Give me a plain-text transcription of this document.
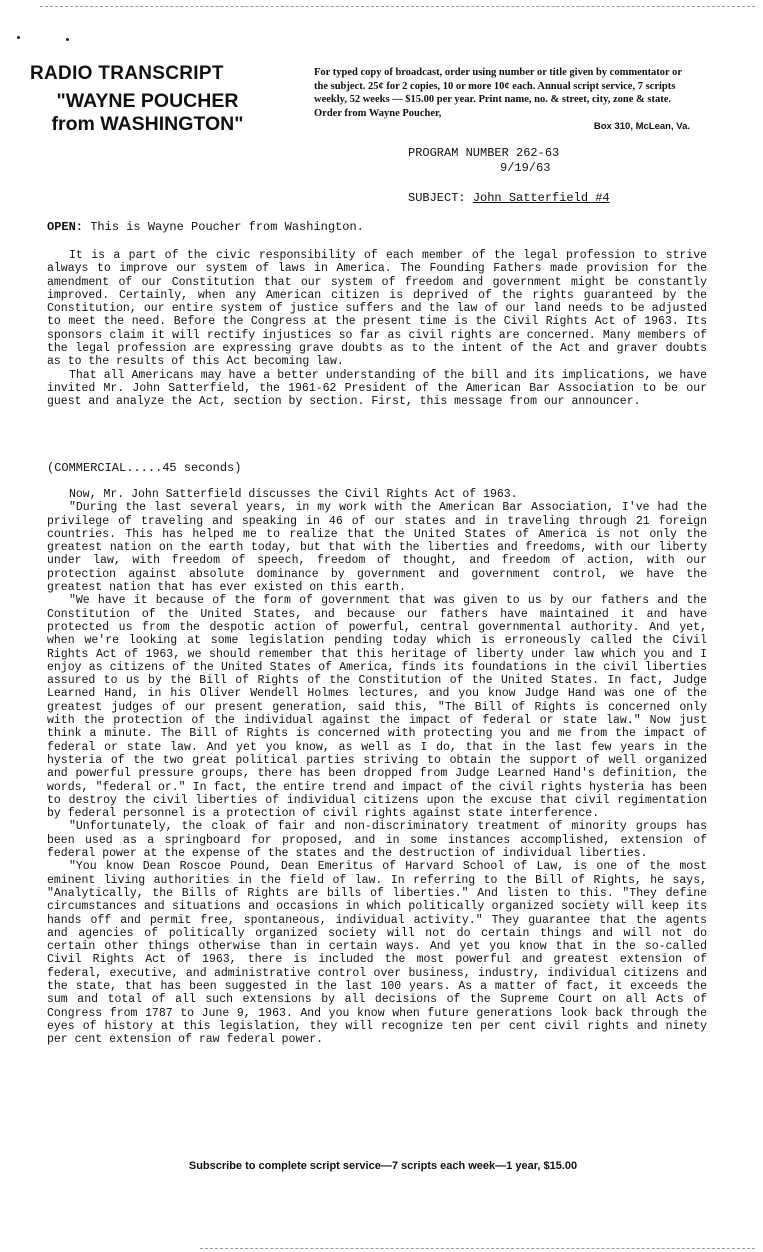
RADIO TRANSCRIPT
"WAYNE POUCHER
from WASHINGTON"
For typed copy of broadcast, order using number or title given by commentator or the subject. 25¢ for 2 copies, 10 or more 10¢ each. Annual script service, 7 scripts weekly, 52 weeks — $15.00 per year. Print name, no. & street, city, zone & state. Order from Wayne Poucher,
Box 310, McLean, Va.
PROGRAM NUMBER 262-63
9/19/63
SUBJECT: John Satterfield #4
OPEN: This is Wayne Poucher from Washington.

It is a part of the civic responsibility of each member of the legal profession to strive always to improve our system of laws in America. The Founding Fathers made provision for the amendment of our Constitution that our system of freedom and government might be constantly improved. Certainly, when any American citizen is deprived of the rights guaranteed by the Constitution, our entire system of justice suffers and the law of our land needs to be adjusted to meet the need. Before the Congress at the present time is the Civil Rights Act of 1963. Its sponsors claim it will rectify injustices so far as civil rights are concerned. Many members of the legal profession are expressing grave doubts as to the intent of the Act and graver doubts as to the results of this Act becoming law.

That all Americans may have a better understanding of the bill and its implications, we have invited Mr. John Satterfield, the 1961-62 President of the American Bar Association to be our guest and analyze the Act, section by section. First, this message from our announcer.

(COMMERCIAL.....45 seconds)

Now, Mr. John Satterfield discusses the Civil Rights Act of 1963.

"During the last several years, in my work with the American Bar Association, I've had the privilege of traveling and speaking in 46 of our states and in traveling through 21 foreign countries. This has helped me to realize that the United States of America is not only the greatest nation on the earth today, but that with the liberties and freedoms, with our liberty under law, with freedom of speech, freedom of thought, and freedom of action, with our protection against absolute dominance by government and government control, we have the greatest nation that has ever existed on this earth.

"We have it because of the form of government that was given to us by our fathers and the Constitution of the United States, and because our fathers have maintained it and have protected us from the despotic action of powerful, central governmental authority. And yet, when we're looking at some legislation pending today which is erroneously called the Civil Rights Act of 1963, we should remember that this heritage of liberty under law which you and I enjoy as citizens of the United States of America, finds its foundations in the civil liberties assured to us by the Bill of Rights of the Constitution of the United States. In fact, Judge Learned Hand, in his Oliver Wendell Holmes lectures, and you know Judge Hand was one of the greatest judges of our present generation, said this, "The Bill of Rights is concerned only with the protection of the individual against the impact of federal or state law." Now just think a minute. The Bill of Rights is concerned with protecting you and me from the impact of federal or state law. And yet you know, as well as I do, that in the last few years in the hysteria of the two great political parties striving to obtain the support of well organized and powerful pressure groups, there has been dropped from Judge Learned Hand's definition, the words, "federal or." In fact, the entire trend and impact of the civil rights hysteria has been to destroy the civil liberties of individual citizens upon the excuse that civil regimentation by federal personnel is a protection of civil rights against state interference.

"Unfortunately, the cloak of fair and non-discriminatory treatment of minority groups has been used as a springboard for proposed, and in some instances accomplished, extension of federal power at the expense of the states and the destruction of individual liberties.

"You know Dean Roscoe Pound, Dean Emeritus of Harvard School of Law, is one of the most eminent living authorities in the field of law. In referring to the Bill of Rights, he says, "Analytically, the Bills of Rights are bills of liberties." And listen to this. "They define circumstances and situations and occasions in which politically organized society will keep its hands off and permit free, spontaneous, individual activity." They guarantee that the agents and agencies of politically organized society will not do certain things and will not do certain other things otherwise than in certain ways. And yet you know that in the so-called Civil Rights Act of 1963, there is included the most powerful and greatest extension of federal, executive, and administrative control over business, industry, individual citizens and the state, that has been suggested in the last 100 years. As a matter of fact, it exceeds the sum and total of all such extensions by all decisions of the Supreme Court on all Acts of Congress from 1787 to June 9, 1963. And you know when future generations look back through the eyes of history at this legislation, they will recognize ten per cent civil rights and ninety per cent extension of raw federal power.

Subscribe to complete script service—7 scripts each week—1 year, $15.00
